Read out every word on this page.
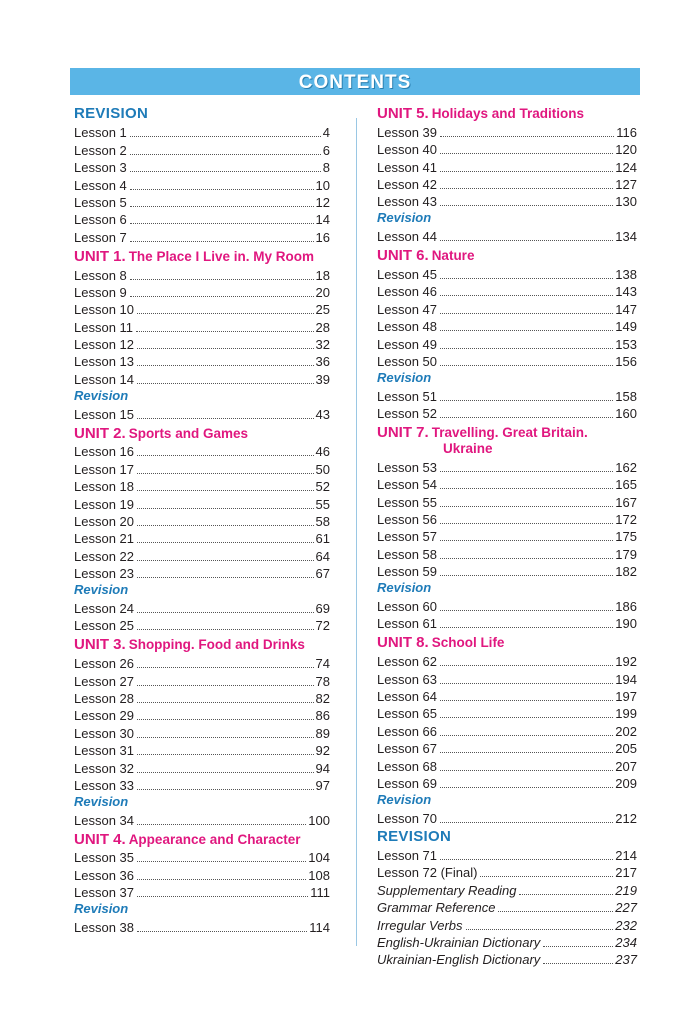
CONTENTS
REVISION
Lesson 1	4
Lesson 2	6
Lesson 3	8
Lesson 4	10
Lesson 5	12
Lesson 6	14
Lesson 7	16
UNIT 1. The Place I Live in. My Room
Lesson 8	18
Lesson 9	20
Lesson 10	25
Lesson 11	28
Lesson 12	32
Lesson 13	36
Lesson 14	39
Revision
Lesson 15	43
UNIT 2. Sports and Games
Lesson 16	46
Lesson 17	50
Lesson 18	52
Lesson 19	55
Lesson 20	58
Lesson 21	61
Lesson 22	64
Lesson 23	67
Revision
Lesson 24	69
Lesson 25	72
UNIT 3. Shopping. Food and Drinks
Lesson 26	74
Lesson 27	78
Lesson 28	82
Lesson 29	86
Lesson 30	89
Lesson 31	92
Lesson 32	94
Lesson 33	97
Revision
Lesson 34	100
UNIT 4. Appearance and Character
Lesson 35	104
Lesson 36	108
Lesson 37	111
Revision
Lesson 38	114
UNIT 5. Holidays and Traditions
Lesson 39	116
Lesson 40	120
Lesson 41	124
Lesson 42	127
Lesson 43	130
Revision
Lesson 44	134
UNIT 6. Nature
Lesson 45	138
Lesson 46	143
Lesson 47	147
Lesson 48	149
Lesson 49	153
Lesson 50	156
Revision
Lesson 51	158
Lesson 52	160
UNIT 7. Travelling. Great Britain.
Ukraine
Lesson 53	162
Lesson 54	165
Lesson 55	167
Lesson 56	172
Lesson 57	175
Lesson 58	179
Lesson 59	182
Revision
Lesson 60	186
Lesson 61	190
UNIT 8. School Life
Lesson 62	192
Lesson 63	194
Lesson 64	197
Lesson 65	199
Lesson 66	202
Lesson 67	205
Lesson 68	207
Lesson 69	209
Revision
Lesson 70	212
REVISION
Lesson 71	214
Lesson 72 (Final)	217
Supplementary Reading	219
Grammar Reference	227
Irregular Verbs	232
English-Ukrainian Dictionary	234
Ukrainian-English Dictionary	237
